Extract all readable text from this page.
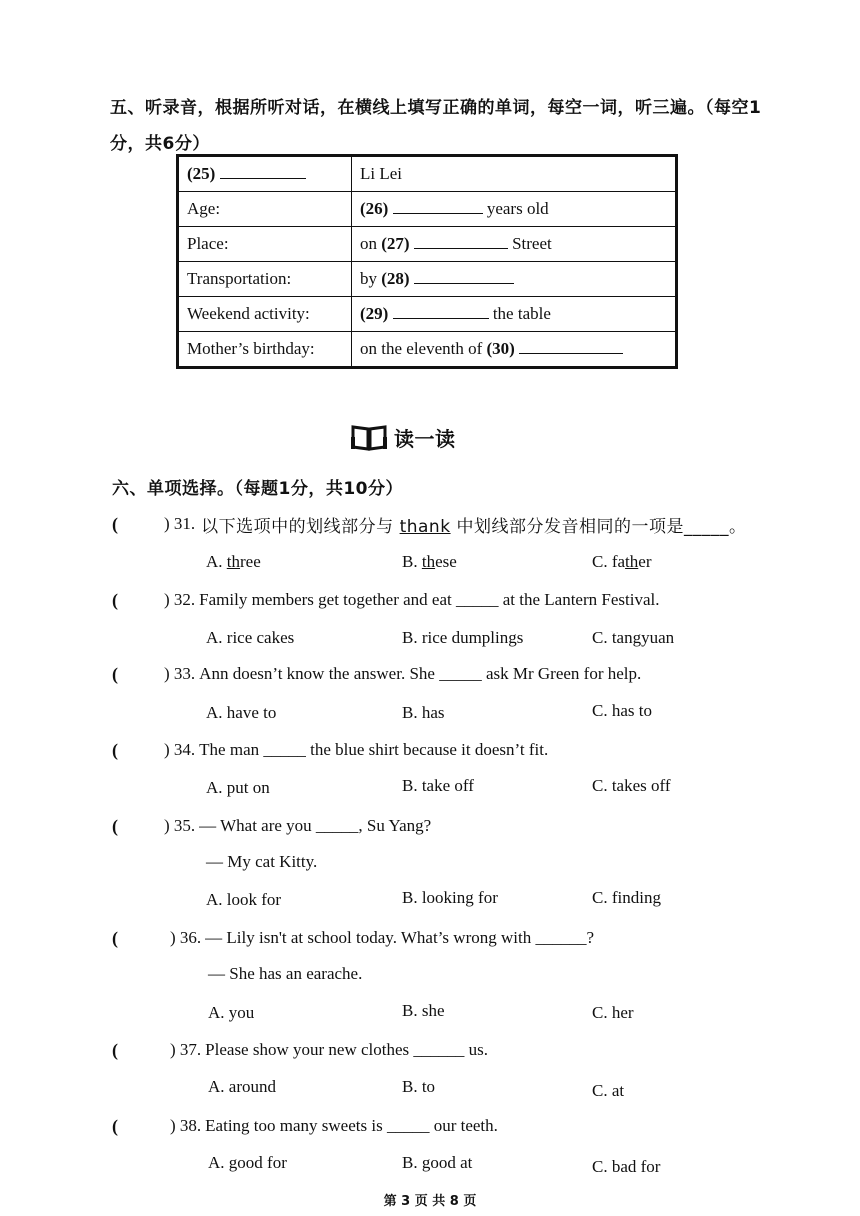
五、听录音，根据所听对话，在横线上填写正确的单词，每空一词，听三遍。（每空1分，共6分）
(25)	Li Lei
Age:	(26) years old
Place:	on (27) Street
Transportation:	by (28)
Weekend activity:	(29) the table
Mother’s birthday:	on the eleventh of (30)
读一读
六、单项选择。（每题1分，共10分）
(	) 31. 以下选项中的划线部分与 thank 中划线部分发音相同的一项是_____。
A. three	B. these	C. father
(	) 32. Family members get together and eat _____ at the Lantern Festival.
A. rice cakes	B. rice dumplings	C. tangyuan
(	) 33. Ann doesn’t know the answer. She _____ ask Mr Green for help.
A. have to	B. has	C. has to
(	) 34. The man _____ the blue shirt because it doesn’t fit.
A. put on	B. take off	C. takes off
(	) 35. — What are you _____, Su Yang?
— My cat Kitty.
A. look for	B. looking for	C. finding
(	) 36. — Lily isn't at school today. What’s wrong with ______?
— She has an earache.
A. you	B. she	C. her
(	) 37. Please show your new clothes ______ us.
A. around	B. to	C. at
(	) 38. Eating too many sweets is _____ our teeth.
A. good for	B. good at	C. bad for
第 3 页 共 8 页
